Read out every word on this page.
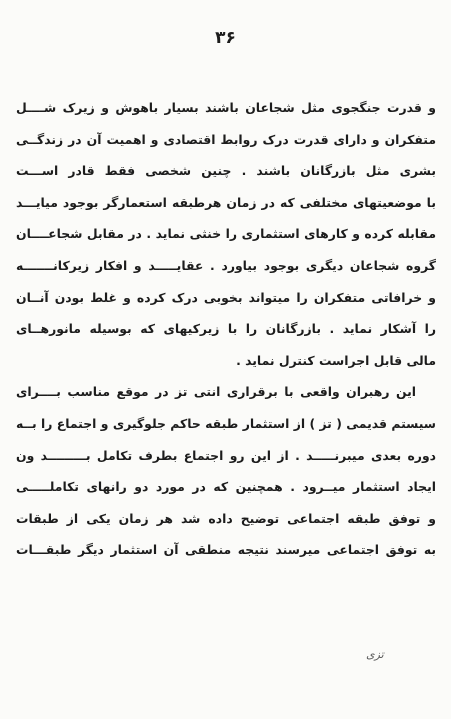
۳۶
و قدرت جنگجوی مثل شجاعان باشند بسیار باهوش و زیرک شــــل
متفکران و دارای قدرت درک روابط اقتصادی و اهمیت آن در زندگــی
بشری مثل بازرگانان باشند . چنین شخصی فقط قادر اســـت
با موضعیتهای مختلفی که در زمان هرطبقه استعمارگر بوجود میایـــد
مقابله کرده و کارهای استثماری را خنثی نماید . در مقابل شجاعــــان
گروه شجاعان دیگری بوجود بیاورد . عقایـــــد و افکار زیرکانـــــــه
و خرافاتی متفکران را میتواند بخوبی درک کرده و غلط بودن آنــان
را آشکار نماید . بازرگانان را با زیرکیهای که بوسیله مانورهــای
مالی قابل اجراست کنترل نماید .
این رهبران واقعی با برقراری انتی تز در موقع مناسب بــــرای
سیستم قدیمی ( تز ) از استثمار طبقه حاکم جلوگیری و اجتماع را بــه
دوره بعدی میبرنـــــد . از این رو اجتماع بطرف تکامل بـــــــــد ون
ایجاد استثمار میــرود . همچنین که در مورد دو رانهای تکاملـــــی
و توفق طبقه اجتماعی توضیح داده شد هر زمان یکی از طبقات
به توفق اجتماعی میرسند نتیجه منطقی آن استثمار دیگر طبقـــات
تزی
